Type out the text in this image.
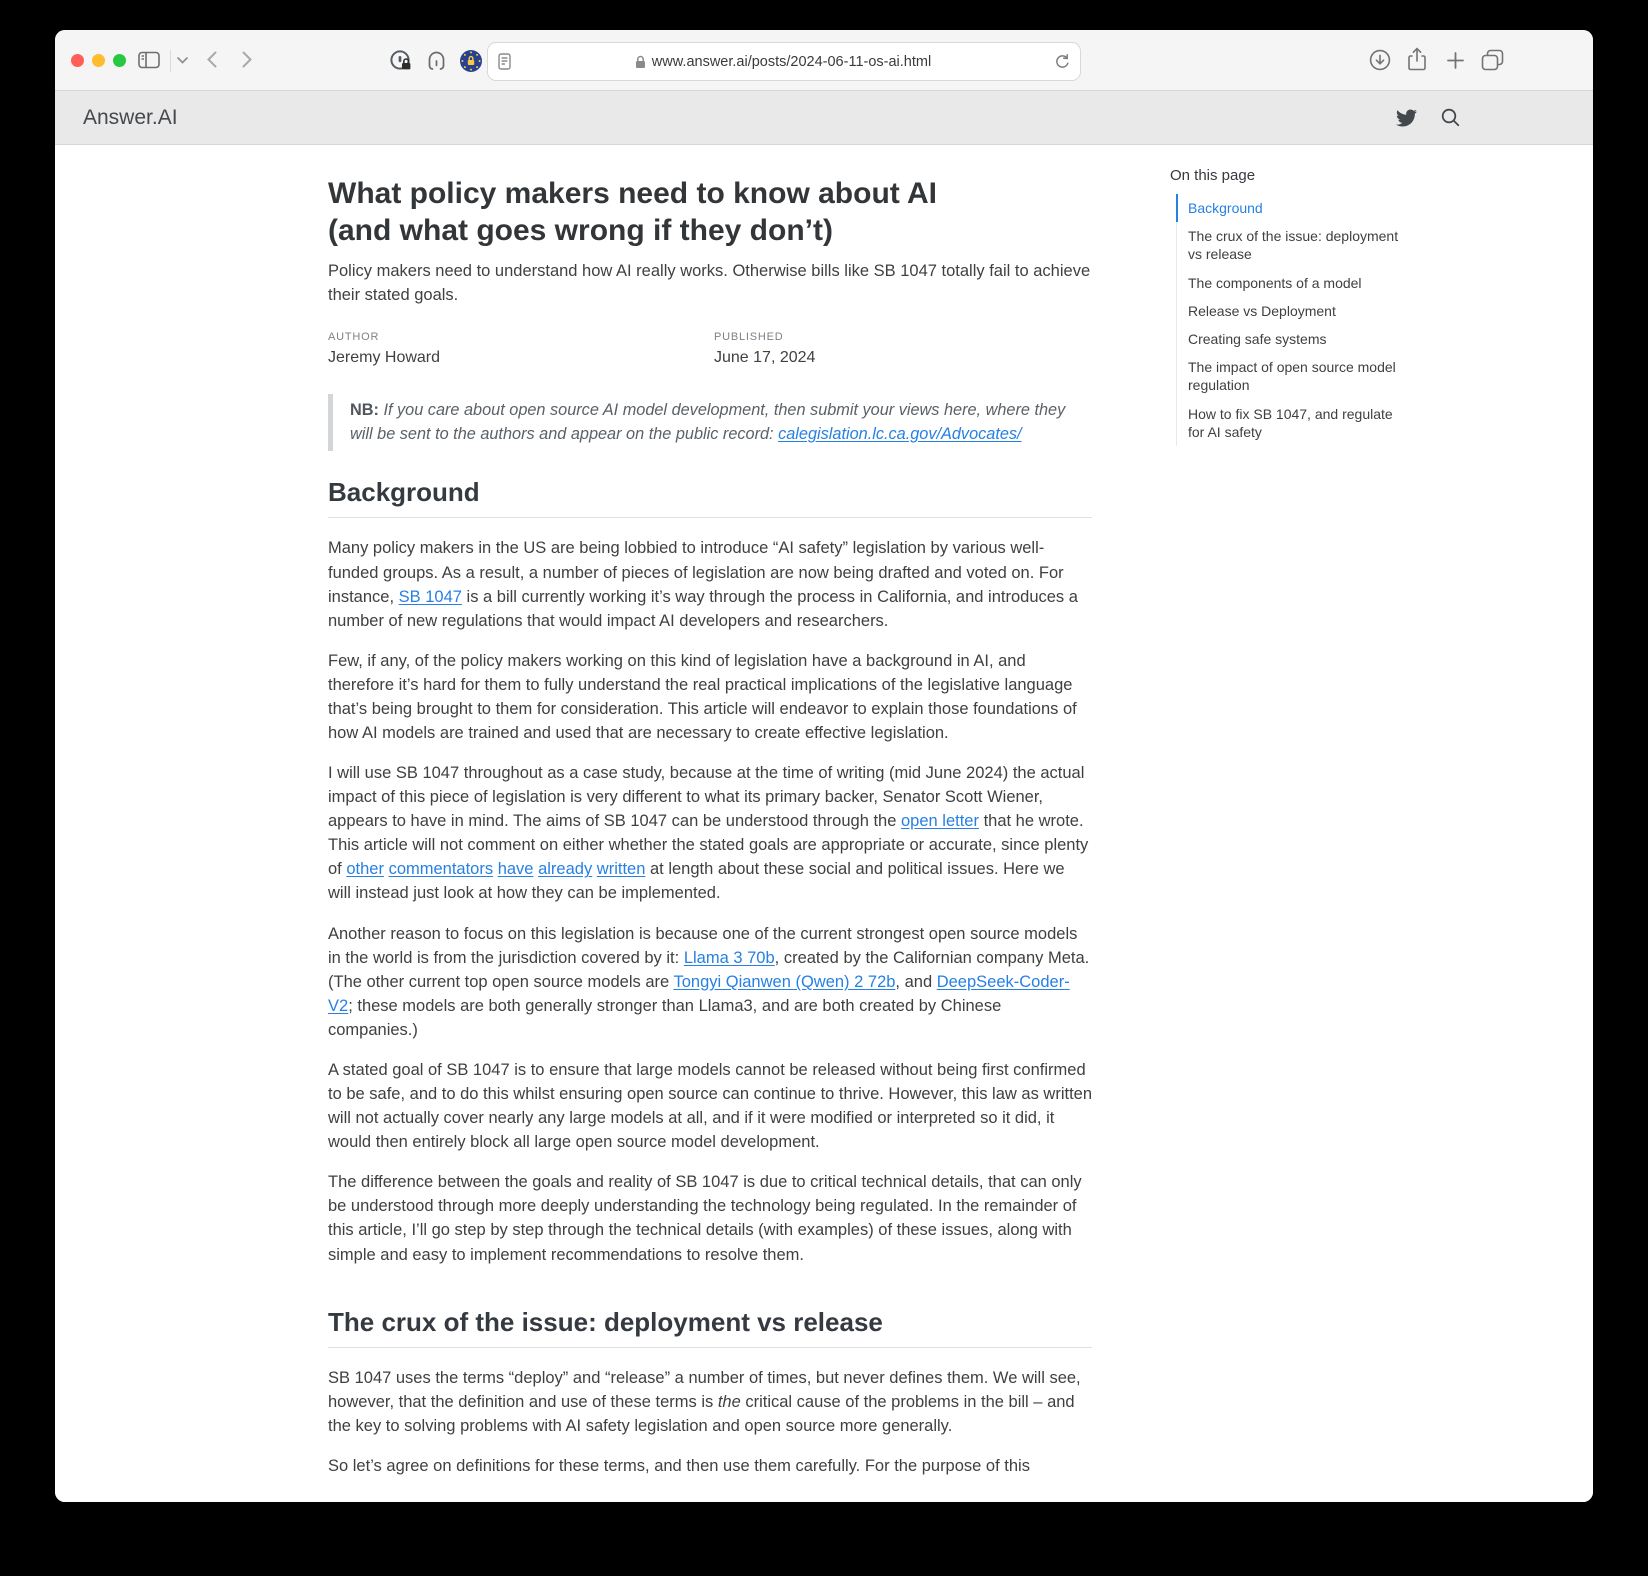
www.answer.ai/posts/2024-06-11-os-ai.html
Answer.AI
What policy makers need to know about AI
(and what goes wrong if they don’t)
Policy makers need to understand how AI really works. Otherwise bills like SB 1047 totally fail to achieve their stated goals.
AUTHOR
Jeremy Howard
PUBLISHED
June 17, 2024
NB: If you care about open source AI model development, then submit your views here, where they will be sent to the authors and appear on the public record: calegislation.lc.ca.gov/Advocates/
Background

Many policy makers in the US are being lobbied to introduce “AI safety” legislation by various well-funded groups. As a result, a number of pieces of legislation are now being drafted and voted on. For instance, SB 1047 is a bill currently working it’s way through the process in California, and introduces a number of new regulations that would impact AI developers and researchers.

Few, if any, of the policy makers working on this kind of legislation have a background in AI, and therefore it’s hard for them to fully understand the real practical implications of the legislative language that’s being brought to them for consideration. This article will endeavor to explain those foundations of how AI models are trained and used that are necessary to create effective legislation.

I will use SB 1047 throughout as a case study, because at the time of writing (mid June 2024) the actual impact of this piece of legislation is very different to what its primary backer, Senator Scott Wiener, appears to have in mind. The aims of SB 1047 can be understood through the open letter that he wrote. This article will not comment on either whether the stated goals are appropriate or accurate, since plenty of other commentators have already written at length about these social and political issues. Here we will instead just look at how they can be implemented.

Another reason to focus on this legislation is because one of the current strongest open source models in the world is from the jurisdiction covered by it: Llama 3 70b, created by the Californian company Meta. (The other current top open source models are Tongyi Qianwen (Qwen) 2 72b, and DeepSeek-Coder-V2; these models are both generally stronger than Llama3, and are both created by Chinese companies.)

A stated goal of SB 1047 is to ensure that large models cannot be released without being first confirmed to be safe, and to do this whilst ensuring open source can continue to thrive. However, this law as written will not actually cover nearly any large models at all, and if it were modified or interpreted so it did, it would then entirely block all large open source model development.

The difference between the goals and reality of SB 1047 is due to critical technical details, that can only be understood through more deeply understanding the technology being regulated. In the remainder of this article, I’ll go step by step through the technical details (with examples) of these issues, along with simple and easy to implement recommendations to resolve them.

The crux of the issue: deployment vs release

SB 1047 uses the terms “deploy” and “release” a number of times, but never defines them. We will see, however, that the definition and use of these terms is the critical cause of the problems in the bill – and the key to solving problems with AI safety legislation and open source more generally.

So let’s agree on definitions for these terms, and then use them carefully. For the purpose of this

On this page
Background
The crux of the issue: deployment vs release
The components of a model
Release vs Deployment
Creating safe systems
The impact of open source model regulation
How to fix SB 1047, and regulate for AI safety
